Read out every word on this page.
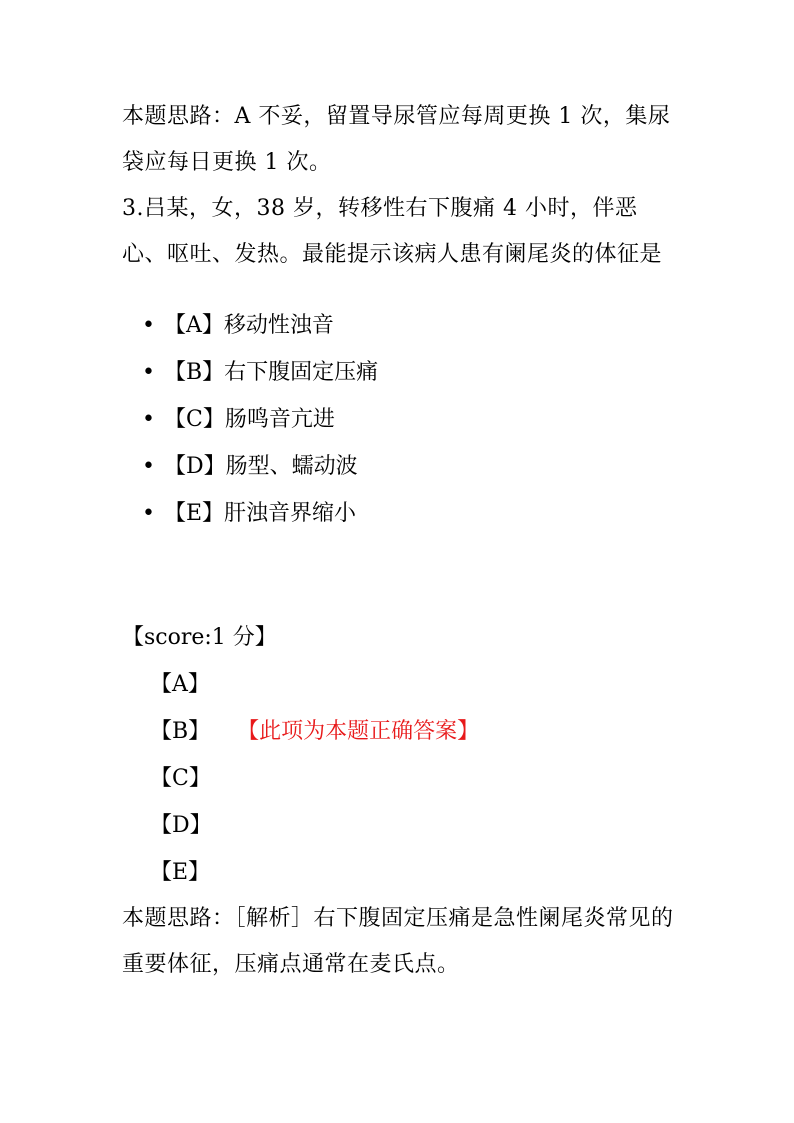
本题思路：A 不妥，留置导尿管应每周更换 1 次，集尿袋应每日更换 1 次。

3.吕某，女，38 岁，转移性右下腹痛 4 小时，伴恶心、呕吐、发热。最能提示该病人患有阑尾炎的体征是

• 【A】移动性浊音
• 【B】右下腹固定压痛
• 【C】肠鸣音亢进
• 【D】肠型、蠕动波
• 【E】肝浊音界缩小

【score:1 分】

【A】
【B】 【此项为本题正确答案】
【C】
【D】
【E】

本题思路：［解析］右下腹固定压痛是急性阑尾炎常见的重要体征，压痛点通常在麦氏点。
